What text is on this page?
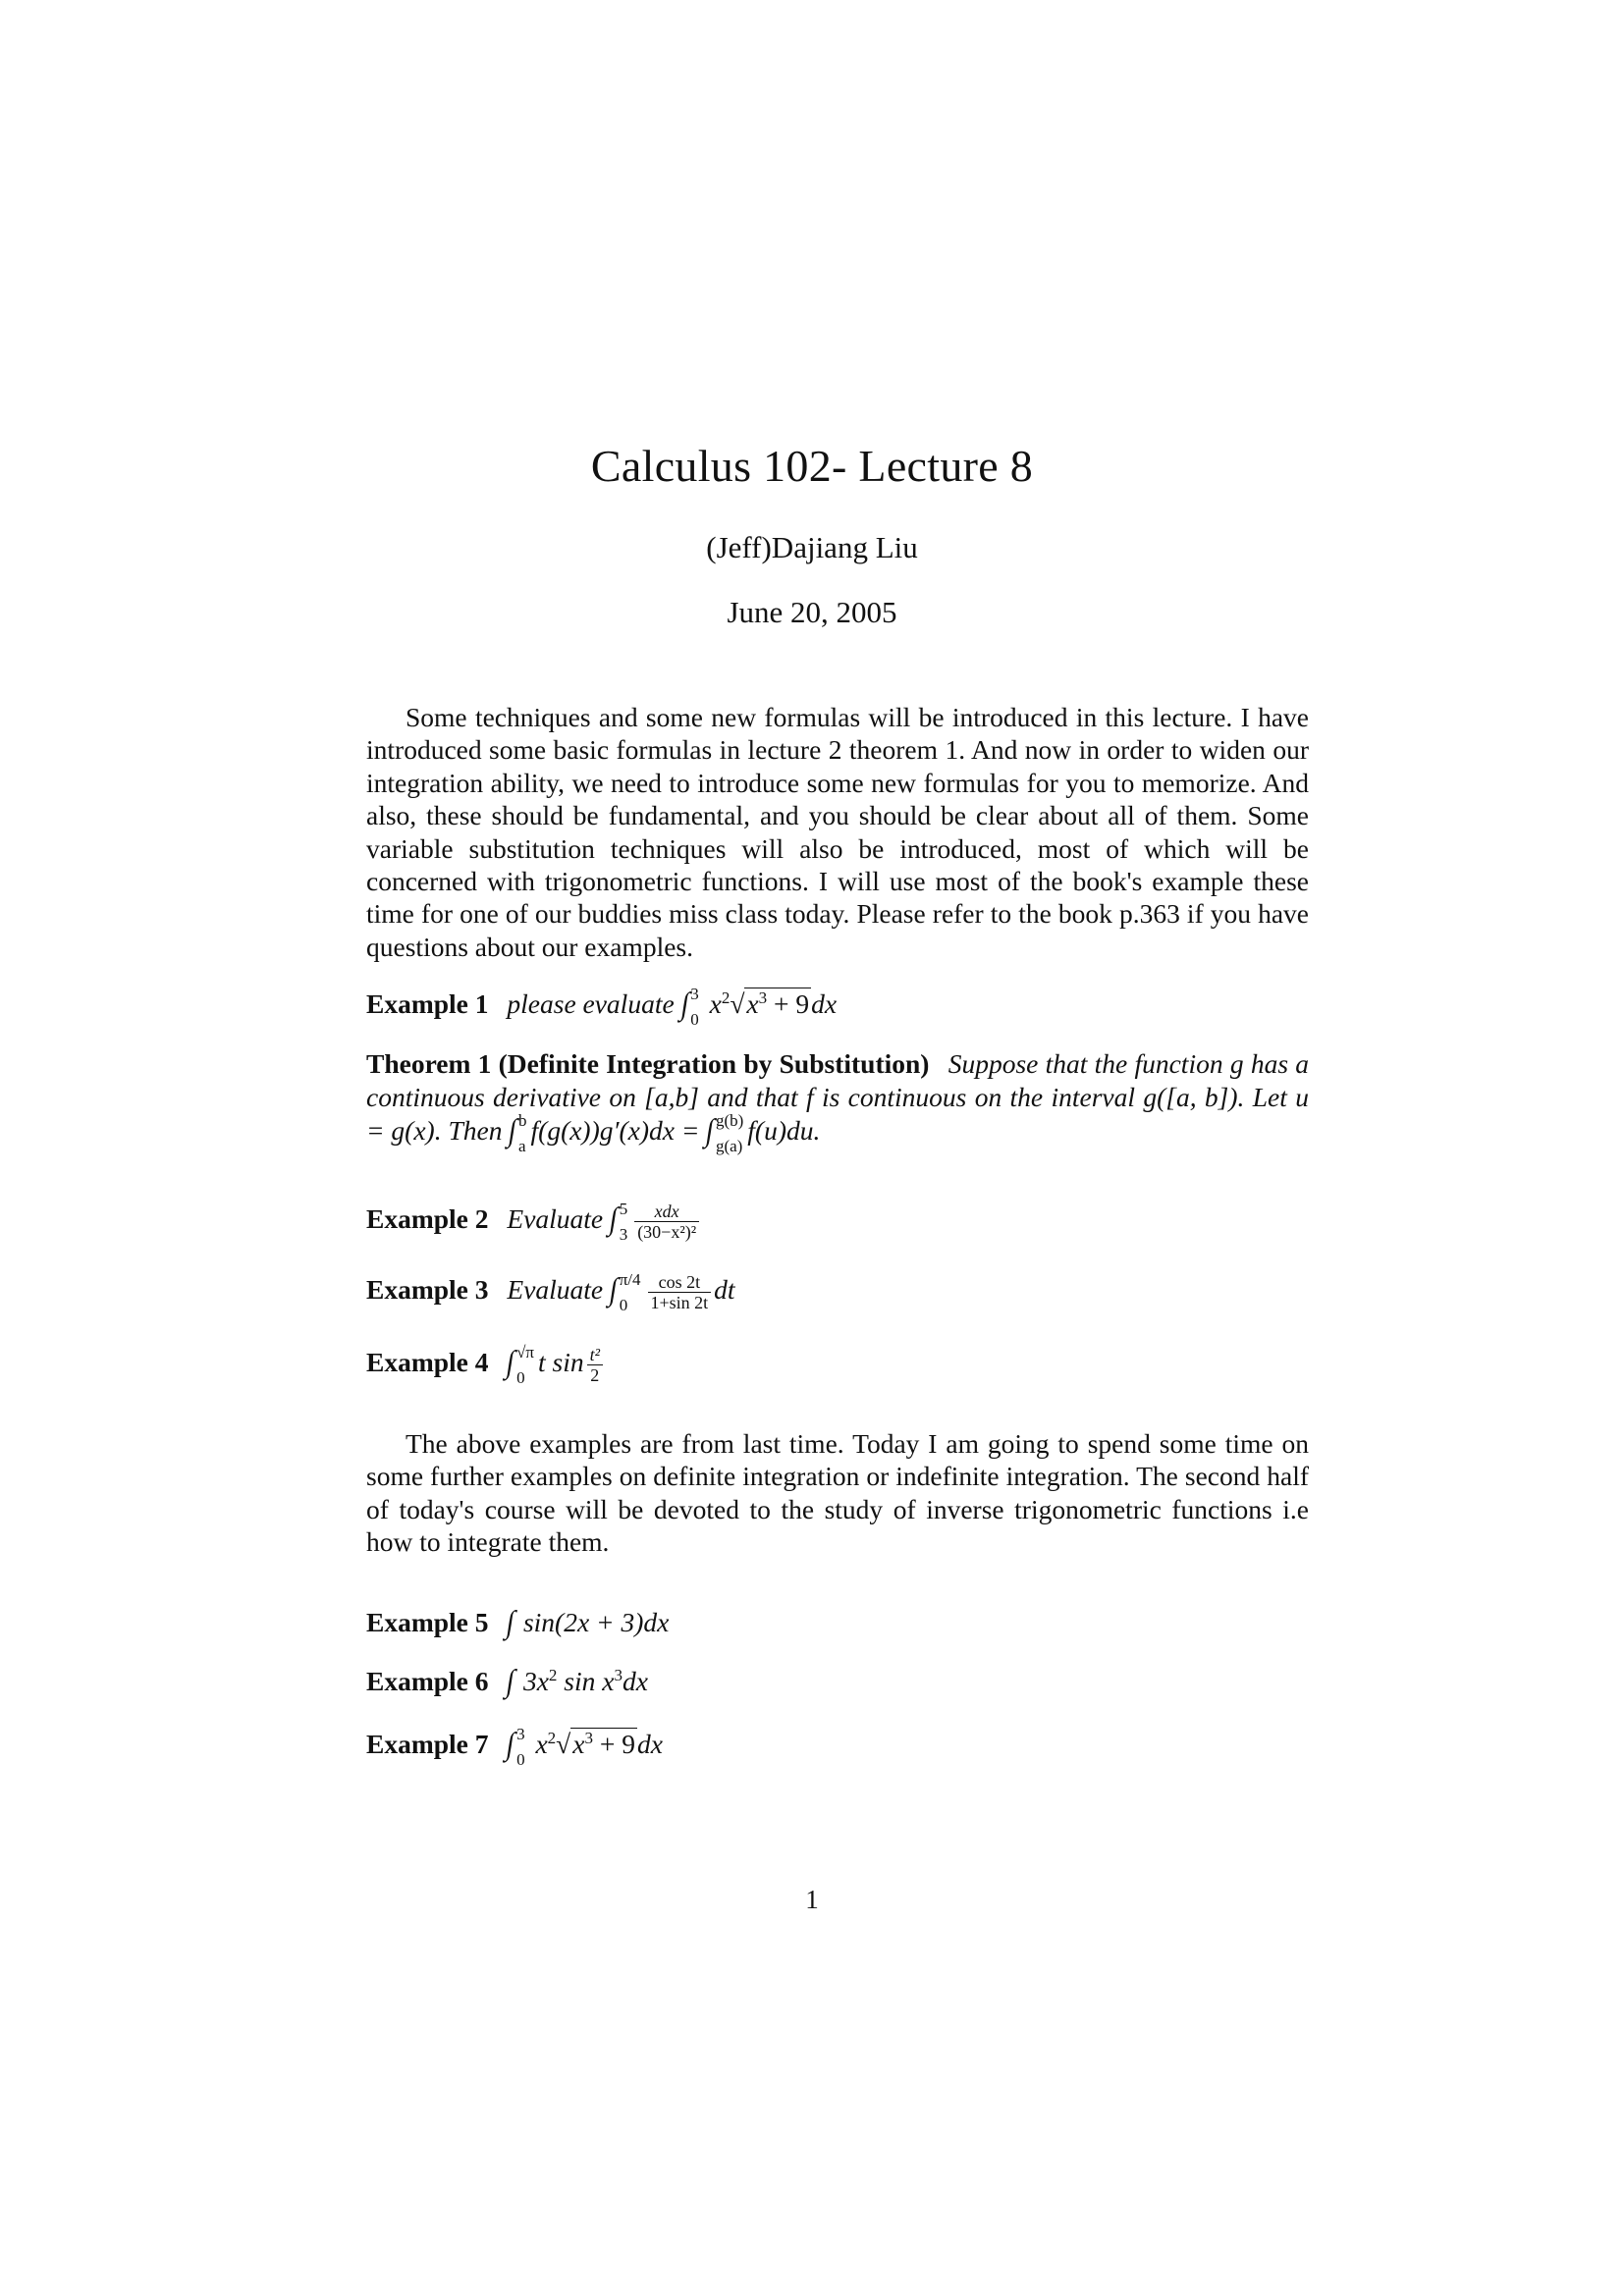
Calculus 102- Lecture 8
(Jeff)Dajiang Liu
June 20, 2005
Some techniques and some new formulas will be introduced in this lecture. I have introduced some basic formulas in lecture 2 theorem 1. And now in order to widen our integration ability, we need to introduce some new formulas for you to memorize. And also, these should be fundamental, and you should be clear about all of them. Some variable substitution techniques will also be introduced, most of which will be concerned with trigonometric functions. I will use most of the book's example these time for one of our buddies miss class today. Please refer to the book p.363 if you have questions about our examples.
Example 1 please evaluate ∫ 3
0
$x^2√x^3 + 9dx$
Theorem 1 (Definite Integration by Substitution) Suppose that the function g has a continuous derivative on [a,b] and that f is continuous on the interval g([a, b]). Let u = g(x). Then ∫ b
a
f(g(x))g′(x)dx = ∫ g(b)
g(a)
f(u)du.
Example 2 Evaluate ∫ 5
$3 \frac{\text{xdx}}{\text{(30−x²)²}}$
Example 3 Evaluate ∫ π/4
0	$\frac{\cos 2t}{1+\sin 2t}$ dt
Example 4 ∫ √π
0
t $\sin \frac{\text{t²}}{2}$
The above examples are from last time. Today I am going to spend some time on some further examples on definite integration or indefinite integration. The second half of today's course will be devoted to the study of inverse trigonometric functions i.e how to integrate them.
Example 5 ∫ sin(2x + 3)dx
Example 6 ∫ $3x^2$ $\sin x^3dx$
Example 7 ∫ 3
0
$x^2√x^3 + 9dx$
1
